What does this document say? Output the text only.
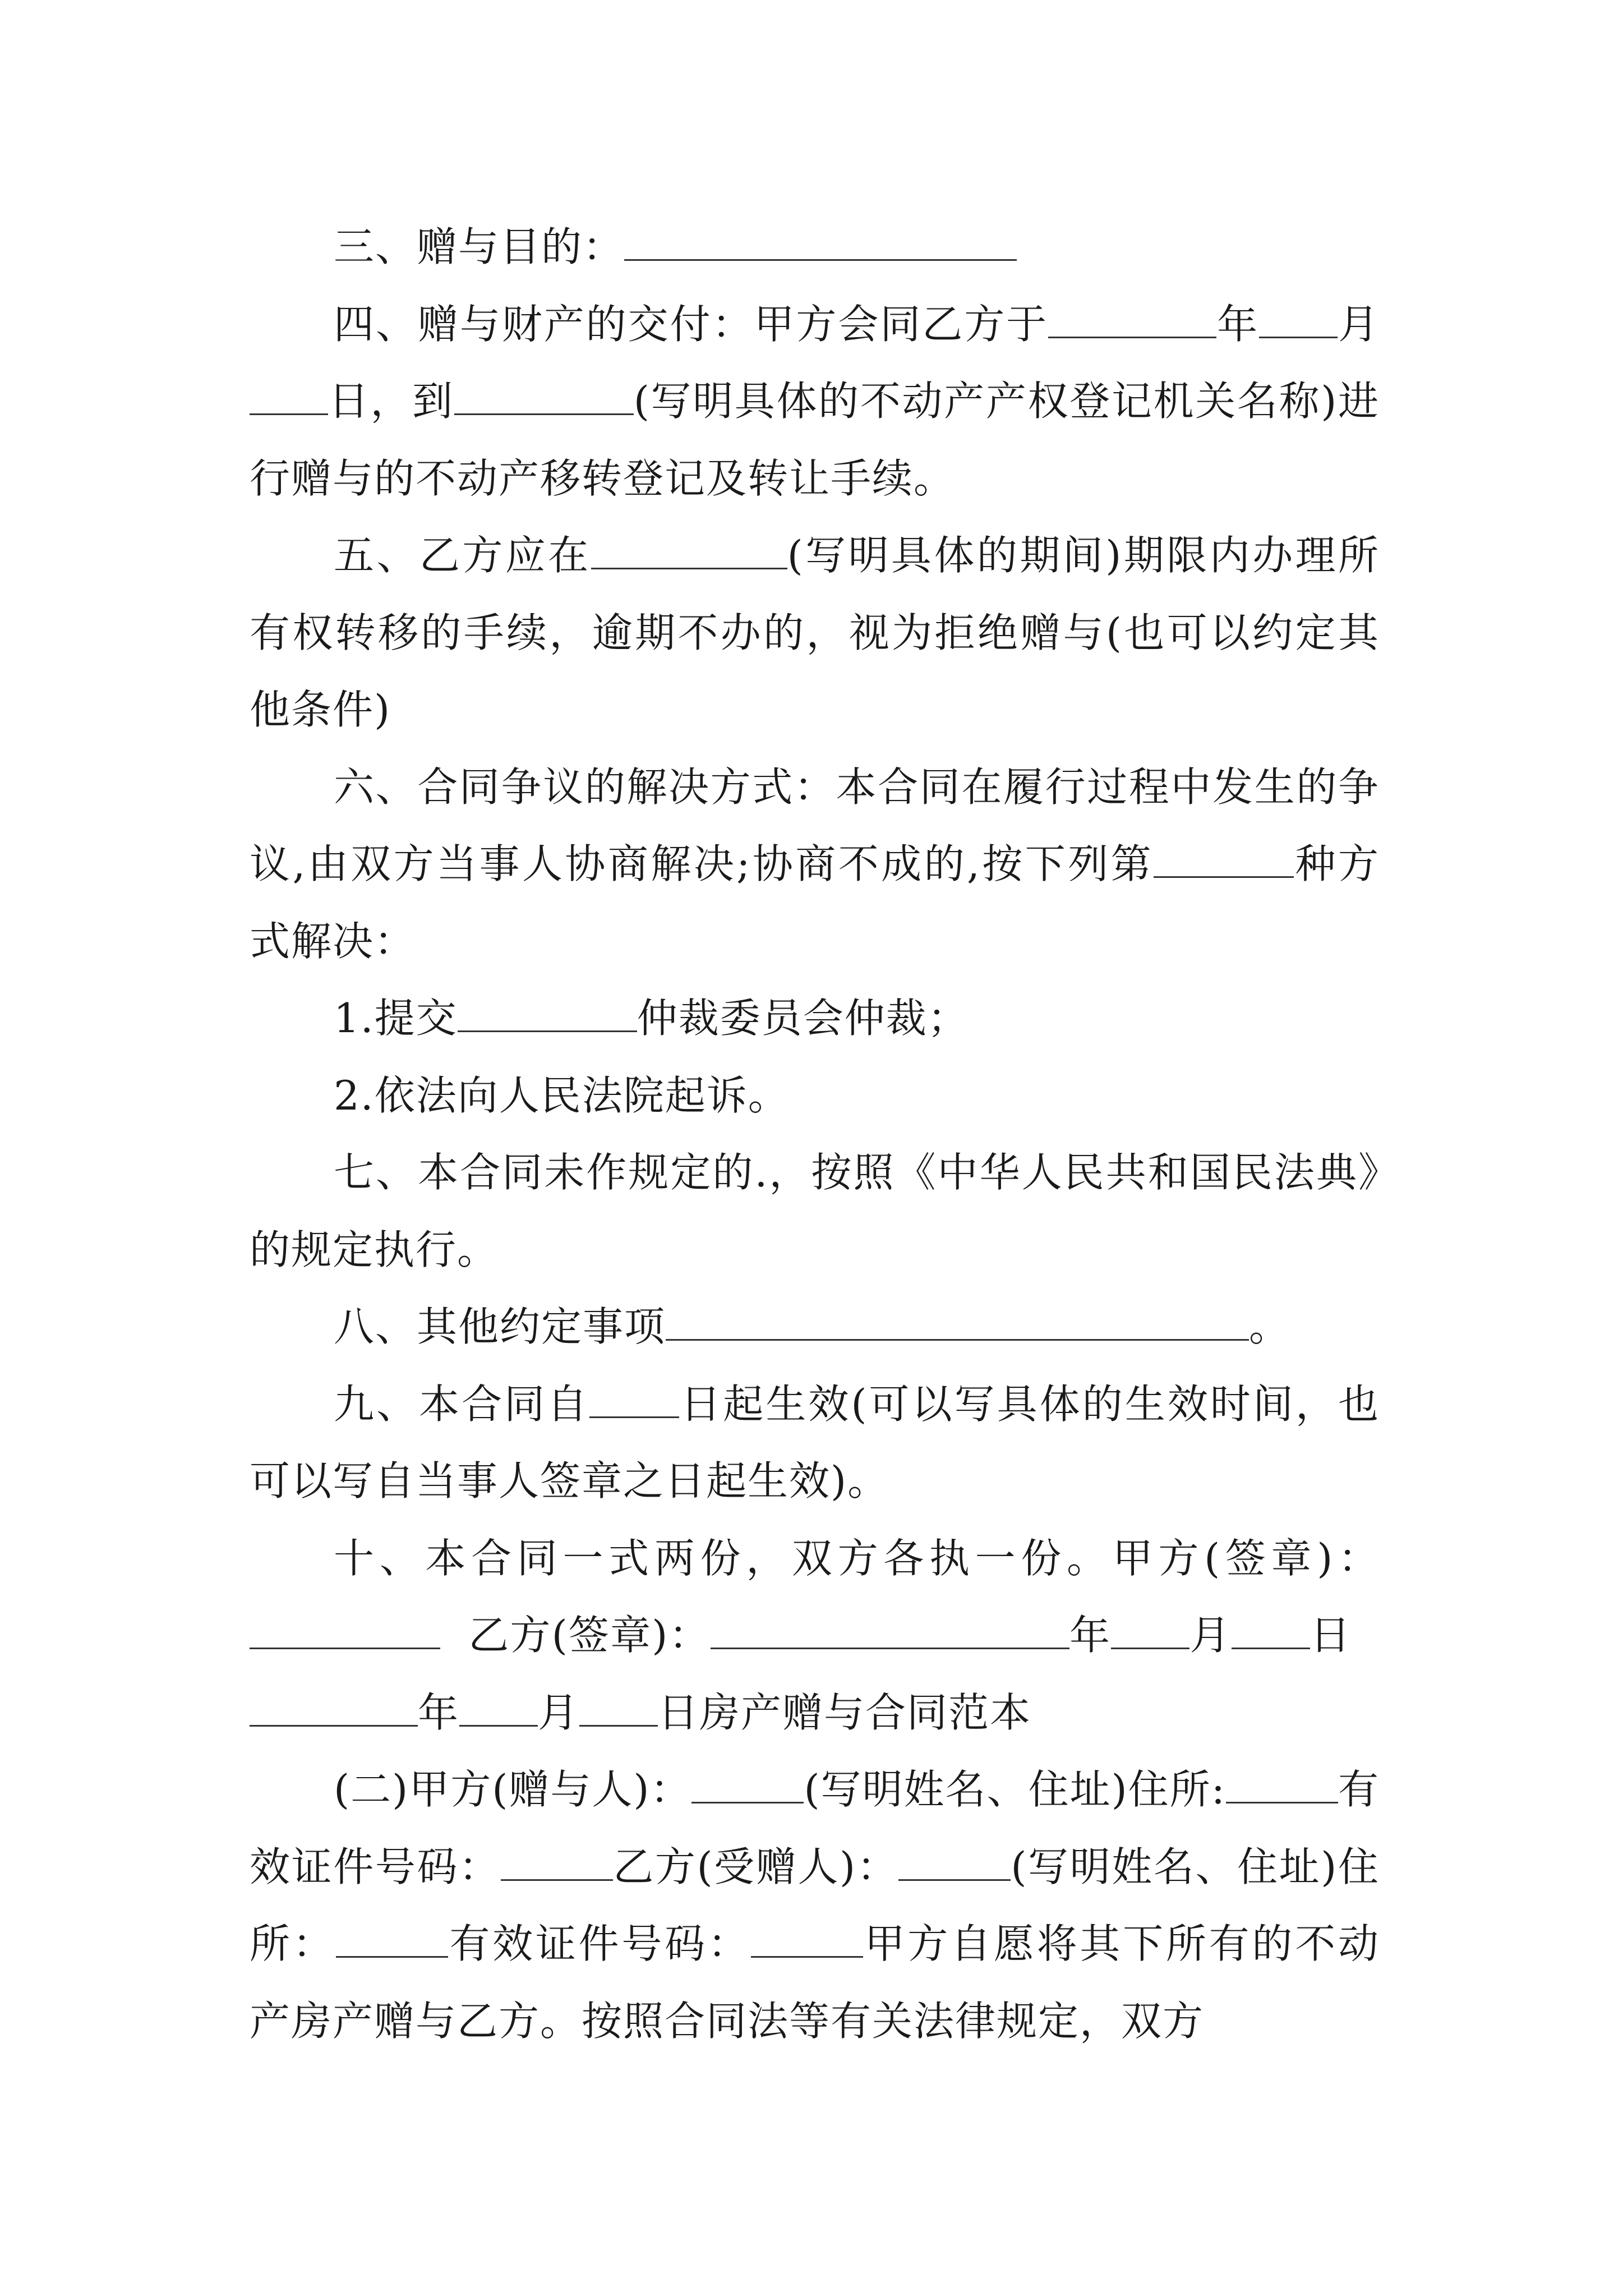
三、赠与目的：

四、赠与财产的交付：甲方会同乙方于	年 月日，到	(写明具体的不动产产权登记机关名称)进行赠与的不动产移转登记及转让手续。

五、乙方应在	(写明具体的期间)期限内办理所有权转移的手续，逾期不办的，视为拒绝赠与(也可以约定其他条件)

六、合同争议的解决方式：本合同在履行过程中发生的争议,由双方当事人协商解决;协商不成的,按下列第	种方式解决：

1.提交	仲裁委员会仲裁；

2.依法向人民法院起诉。

七、本合同未作规定的.，按照《中华人民共和国民法典》的规定执行。

八、其他约定事项	。

九、本合同自 日起生效(可以写具体的生效时间，也可以写自当事人签章之日起生效)。

十、本合同一式两份，双方各执一份。甲方(签章)：  乙方(签章)：	年 月 日  年 月 日房产赠与合同范本

(二)甲方(赠与人)：	(写明姓名、住址)住所:	有效证件号码：	乙方(受赠人)：	(写明姓名、住址)住所：	有效证件号码：	甲方自愿将其下所有的不动产房产赠与乙方。按照合同法等有关法律规定，双方
